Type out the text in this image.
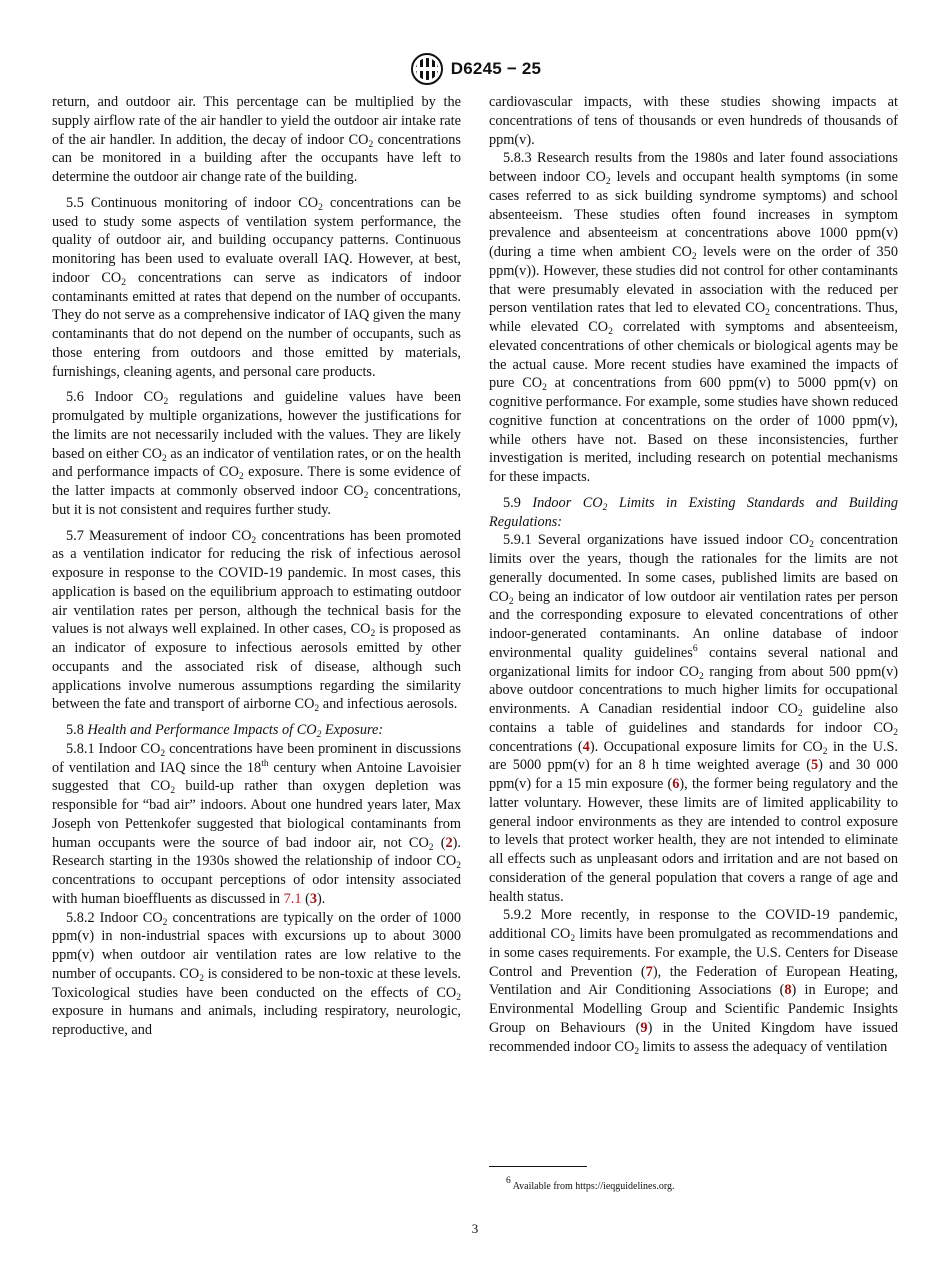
D6245 − 25

return, and outdoor air. This percentage can be multiplied by the supply airflow rate of the air handler to yield the outdoor air intake rate of the air handler. In addition, the decay of indoor $CO_2$ concentrations can be monitored in a building after the occupants have left to determine the outdoor air change rate of the building.

5.5 Continuous monitoring of indoor $CO_2$ concentrations can be used to study some aspects of ventilation system performance, the quality of outdoor air, and building occupancy patterns. Continuous monitoring has been used to evaluate overall IAQ. However, at best, indoor $CO_2$ concentrations can serve as indicators of indoor contaminants emitted at rates that depend on the number of occupants. They do not serve as a comprehensive indicator of IAQ given the many contaminants that do not depend on the number of occupants, such as those entering from outdoors and those emitted by materials, furnishings, cleaning agents, and personal care products.

5.6 Indoor $CO_2$ regulations and guideline values have been promulgated by multiple organizations, however the justifications for the limits are not necessarily included with the values. They are likely based on either $CO_2$ as an indicator of ventilation rates, or on the health and performance impacts of $CO_2$ exposure. There is some evidence of the latter impacts at commonly observed indoor $CO_2$ concentrations, but it is not consistent and requires further study.

5.7 Measurement of indoor $CO_2$ concentrations has been promoted as a ventilation indicator for reducing the risk of infectious aerosol exposure in response to the COVID-19 pandemic. In most cases, this application is based on the equilibrium approach to estimating outdoor air ventilation rates per person, although the technical basis for the values is not always well explained. In other cases, $CO_2$ is proposed as an indicator of exposure to infectious aerosols emitted by other occupants and the associated risk of disease, although such applications involve numerous assumptions regarding the similarity between the fate and transport of airborne $CO_2$ and infectious aerosols.

5.8 Health and Performance Impacts of $CO_2$ Exposure:

5.8.1 Indoor $CO_2$ concentrations have been prominent in discussions of ventilation and IAQ since the 18th century when Antoine Lavoisier suggested that $CO_2$ build-up rather than oxygen depletion was responsible for “bad air” indoors. About one hundred years later, Max Joseph von Pettenkofer suggested that biological contaminants from human occupants were the source of bad indoor air, not $CO_2$ (2). Research starting in the 1930s showed the relationship of indoor $CO_2$ concentrations to occupant perceptions of odor intensity associated with human bioeffluents as discussed in 7.1 (3).

5.8.2 Indoor $CO_2$ concentrations are typically on the order of 1000 ppm(v) in non-industrial spaces with excursions up to about 3000 ppm(v) when outdoor air ventilation rates are low relative to the number of occupants. $CO_2$ is considered to be non-toxic at these levels. Toxicological studies have been conducted on the effects of $CO_2$ exposure in humans and animals, including respiratory, neurologic, reproductive, and

cardiovascular impacts, with these studies showing impacts at concentrations of tens of thousands or even hundreds of thousands of ppm(v).

5.8.3 Research results from the 1980s and later found associations between indoor $CO_2$ levels and occupant health symptoms (in some cases referred to as sick building syndrome symptoms) and school absenteeism. These studies often found increases in symptom prevalence and absenteeism at concentrations above 1000 ppm(v) (during a time when ambient $CO_2$ levels were on the order of 350 ppm(v)). However, these studies did not control for other contaminants that were presumably elevated in association with the reduced per person ventilation rates that led to elevated $CO_2$ concentrations. Thus, while elevated $CO_2$ correlated with symptoms and absenteeism, elevated concentrations of other chemicals or biological agents may be the actual cause. More recent studies have examined the impacts of pure $CO_2$ at concentrations from 600 ppm(v) to 5000 ppm(v) on cognitive performance. For example, some studies have shown reduced cognitive function at concentrations on the order of 1000 ppm(v), while others have not. Based on these inconsistencies, further investigation is merited, including research on potential mechanisms for these impacts.

5.9 Indoor $CO_2$ Limits in Existing Standards and Building Regulations:

5.9.1 Several organizations have issued indoor $CO_2$ concentration limits over the years, though the rationales for the limits are not generally documented. In some cases, published limits are based on $CO_2$ being an indicator of low outdoor air ventilation rates per person and the corresponding exposure to elevated concentrations of other indoor-generated contaminants. An online database of indoor environmental quality guidelines$^6$ contains several national and organizational limits for indoor $CO_2$ ranging from about 500 ppm(v) above outdoor concentrations to much higher limits for occupational environments. A Canadian residential indoor $CO_2$ guideline also contains a table of guidelines and standards for indoor $CO_2$ concentrations (4). Occupational exposure limits for $CO_2$ in the U.S. are 5000 ppm(v) for an 8 h time weighted average (5) and 30 000 ppm(v) for a 15 min exposure (6), the former being regulatory and the latter voluntary. However, these limits are of limited applicability to general indoor environments as they are intended to control exposure to levels that protect worker health, they are not intended to eliminate all effects such as unpleasant odors and irritation and are not based on consideration of the general population that covers a range of age and health status.

5.9.2 More recently, in response to the COVID-19 pandemic, additional $CO_2$ limits have been promulgated as recommendations and in some cases requirements. For example, the U.S. Centers for Disease Control and Prevention (7), the Federation of European Heating, Ventilation and Air Conditioning Associations (8) in Europe; and Environmental Modelling Group and Scientific Pandemic Insights Group on Behaviours (9) in the United Kingdom have issued recommended indoor $CO_2$ limits to assess the adequacy of ventilation

$^6$ Available from https://ieqguidelines.org.
3
